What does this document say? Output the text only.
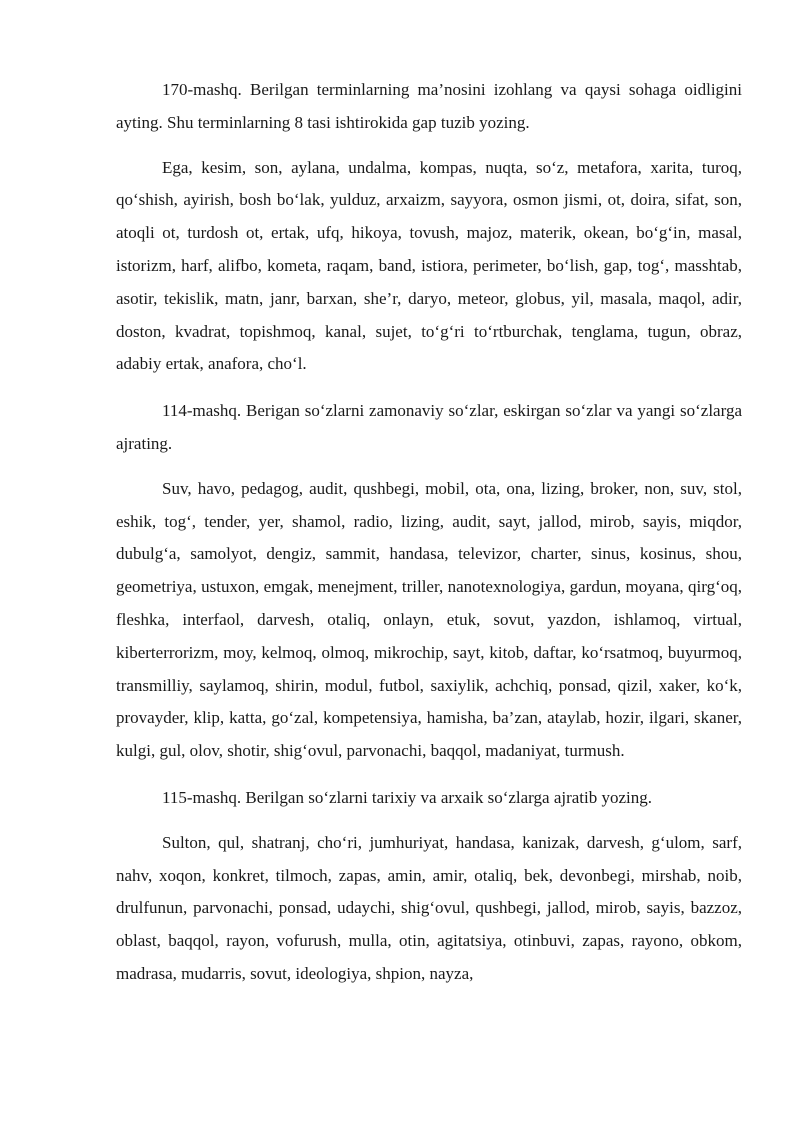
170-mashq. Berilgan terminlarning ma’nosini izohlang va qaysi sohaga oidligini ayting. Shu terminlarning 8 tasi ishtirokida gap tuzib yozing.

Ega, kesim, son, aylana, undalma, kompas, nuqta, so‘z, metafora, xarita, turoq, qo‘shish, ayirish, bosh bo‘lak, yulduz, arxaizm, sayyora, osmon jismi, ot, doira, sifat, son, atoqli ot, turdosh ot, ertak, ufq, hikoya, tovush, majoz, materik, okean, bo‘g‘in, masal, istorizm, harf, alifbo, kometa, raqam, band, istiora, perimeter, bo‘lish, gap, tog‘, masshtab, asotir, tekislik, matn, janr, barxan, she’r, daryo, meteor, globus, yil, masala, maqol, adir, doston, kvadrat, topishmoq, kanal, sujet, to‘g‘ri to‘rtburchak, tenglama, tugun, obraz, adabiy ertak, anafora, cho‘l.

114-mashq. Berigan so‘zlarni zamonaviy so‘zlar, eskirgan so‘zlar va yangi so‘zlarga ajrating.

Suv, havo, pedagog, audit, qushbegi, mobil, ota, ona, lizing, broker, non, suv, stol, eshik, tog‘, tender, yer, shamol, radio, lizing, audit, sayt, jallod, mirob, sayis, miqdor, dubulg‘a, samolyot, dengiz, sammit, handasa, televizor, charter, sinus, kosinus, shou, geometriya, ustuxon, emgak, menejment, triller, nanotexnologiya, gardun, moyana, qirg‘oq, fleshka, interfaol, darvesh, otaliq, onlayn, etuk, sovut, yazdon, ishlamoq, virtual, kiberterrorizm, moy, kelmoq, olmoq, mikrochip, sayt, kitob, daftar, ko‘rsatmoq, buyurmoq, transmilliy, saylamoq, shirin, modul, futbol, saxiylik, achchiq, ponsad, qizil, xaker, ko‘k, provayder, klip, katta, go‘zal, kompetensiya, hamisha, ba’zan, ataylab, hozir, ilgari, skaner, kulgi, gul, olov, shotir, shig‘ovul, parvonachi, baqqol, madaniyat, turmush.

115-mashq. Berilgan so‘zlarni tarixiy va arxaik so‘zlarga ajratib yozing.

Sulton, qul, shatranj, cho‘ri, jumhuriyat, handasa, kanizak, darvesh, g‘ulom, sarf, nahv, xoqon, konkret, tilmoch, zapas, amin, amir, otaliq, bek, devonbegi, mirshab, noib, drulfunun, parvonachi, ponsad, udaychi, shig‘ovul, qushbegi, jallod, mirob, sayis, bazzoz, oblast, baqqol, rayon, vofurush, mulla, otin, agitatsiya, otinbuvi, zapas, rayono, obkom, madrasa, mudarris, sovut, ideologiya, shpion, nayza,
